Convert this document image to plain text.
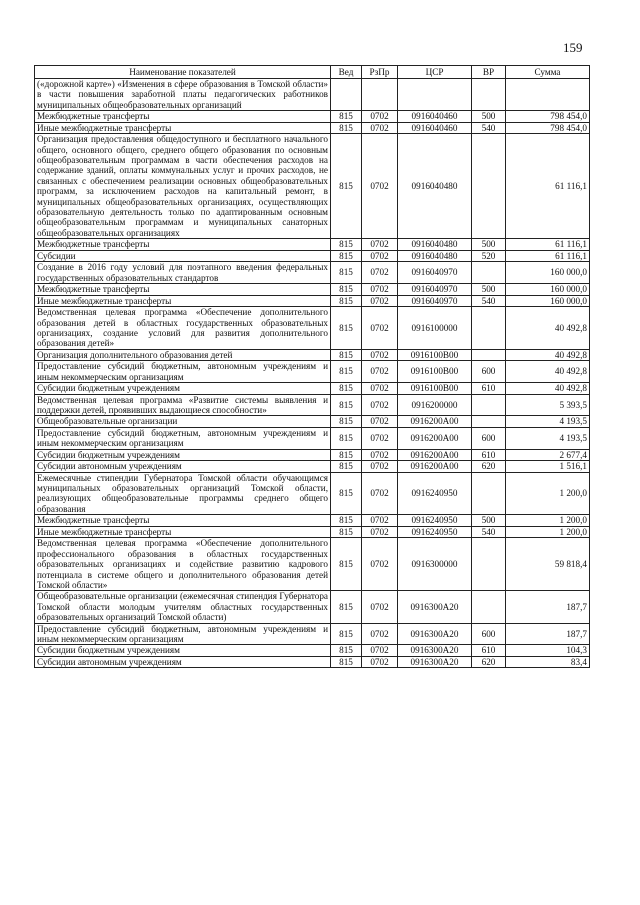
159
Наименование показателей	Вед	РзПр	ЦСР	ВР	Сумма
(«дорожной карте») «Изменения в сфере образования в Томской области» в части повышения заработной платы педагогических работников муниципальных общеобразовательных организаций					
Межбюджетные трансферты	815	0702	0916040460	500	798 454,0
Иные межбюджетные трансферты	815	0702	0916040460	540	798 454,0
Организация предоставления общедоступного и бесплатного начального общего, основного общего, среднего общего образования по основным общеобразовательным программам в части обеспечения расходов на содержание зданий, оплаты коммунальных услуг и прочих расходов, не связанных с обеспечением реализации основных общеобразовательных программ, за исключением расходов на капитальный ремонт, в муниципальных общеобразовательных организациях, осуществляющих образовательную деятельность только по адаптированным основным общеобразовательным программам и муниципальных санаторных общеобразовательных организациях	815	0702	0916040480		61 116,1
Межбюджетные трансферты	815	0702	0916040480	500	61 116,1
Субсидии	815	0702	0916040480	520	61 116,1
Создание в 2016 году условий для поэтапного введения федеральных государственных образовательных стандартов	815	0702	0916040970		160 000,0
Межбюджетные трансферты	815	0702	0916040970	500	160 000,0
Иные межбюджетные трансферты	815	0702	0916040970	540	160 000,0
Ведомственная целевая программа «Обеспечение дополнительного образования детей в областных государственных образовательных организациях, создание условий для развития дополнительного образования детей»	815	0702	0916100000		40 492,8
Организация дополнительного образования детей	815	0702	0916100В00		40 492,8
Предоставление субсидий бюджетным, автономным учреждениям и иным некоммерческим организациям	815	0702	0916100В00	600	40 492,8
Субсидии бюджетным учреждениям	815	0702	0916100В00	610	40 492,8
Ведомственная целевая программа «Развитие системы выявления и поддержки детей, проявивших выдающиеся способности»	815	0702	0916200000		5 393,5
Общеобразовательные организации	815	0702	0916200А00		4 193,5
Предоставление субсидий бюджетным, автономным учреждениям и иным некоммерческим организациям	815	0702	0916200А00	600	4 193,5
Субсидии бюджетным учреждениям	815	0702	0916200А00	610	2 677,4
Субсидии автономным учреждениям	815	0702	0916200А00	620	1 516,1
Ежемесячные стипендии Губернатора Томской области обучающимся муниципальных образовательных организаций Томской области, реализующих общеобразовательные программы среднего общего образования	815	0702	0916240950		1 200,0
Межбюджетные трансферты	815	0702	0916240950	500	1 200,0
Иные межбюджетные трансферты	815	0702	0916240950	540	1 200,0
Ведомственная целевая программа «Обеспечение дополнительного профессионального образования в областных государственных образовательных организациях и содействие развитию кадрового потенциала в системе общего и дополнительного образования детей Томской области»	815	0702	0916300000		59 818,4
Общеобразовательные организации (ежемесячная стипендия Губернатора Томской области молодым учителям областных государственных образовательных организаций Томской области)	815	0702	0916300А20		187,7
Предоставление субсидий бюджетным, автономным учреждениям и иным некоммерческим организациям	815	0702	0916300А20	600	187,7
Субсидии бюджетным учреждениям	815	0702	0916300А20	610	104,3
Субсидии автономным учреждениям	815	0702	0916300А20	620	83,4
